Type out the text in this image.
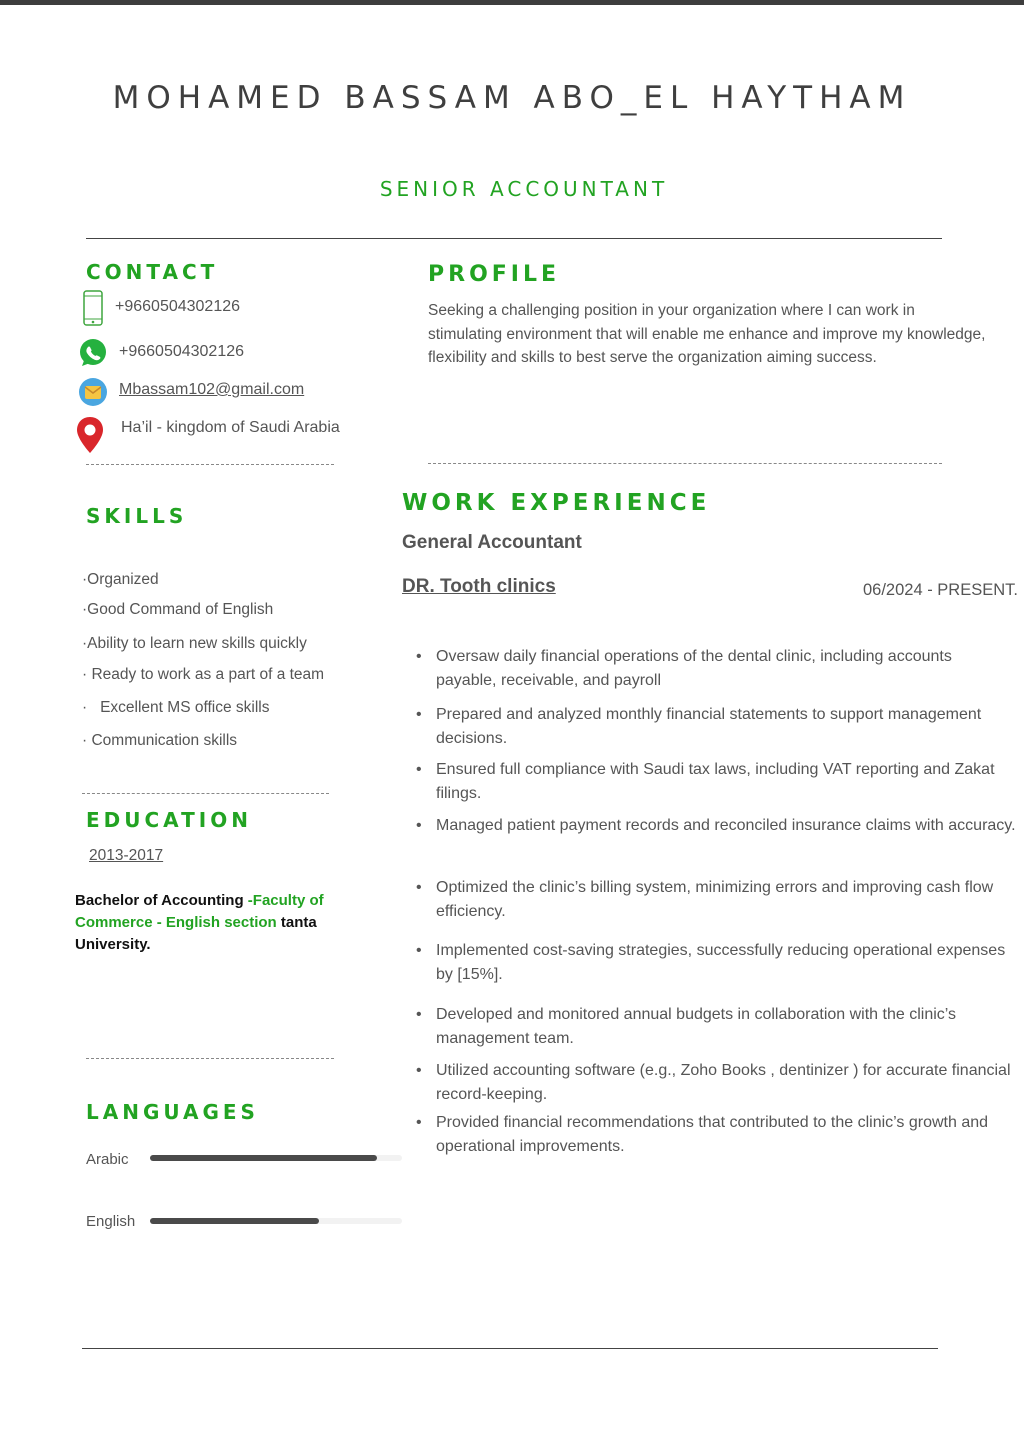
MOHAMED BASSAM ABO_EL HAYTHAM
SENIOR ACCOUNTANT
CONTACT
+9660504302126
+9660504302126
Mbassam102@gmail.com
Ha’il - kingdom of Saudi Arabia
PROFILE
Seeking a challenging position in your organization where I can work in stimulating environment that will enable me enhance and improve my knowledge, flexibility and skills to best serve the organization aiming success.
SKILLS
·Organized
·Good Command of English
·Ability to learn new skills quickly
· Ready to work as a part of a team
·   Excellent MS office skills
· Communication skills
EDUCATION
2013-2017
Bachelor of Accounting -Faculty of Commerce - English section tanta University.
LANGUAGES
Arabic
English
WORK EXPERIENCE
General Accountant
DR. Tooth clinics	06/2024 - PRESENT.
• Oversaw daily financial operations of the dental clinic, including accounts payable, receivable, and payroll
• Prepared and analyzed monthly financial statements to support management decisions.
• Ensured full compliance with Saudi tax laws, including VAT reporting and Zakat filings.
• Managed patient payment records and reconciled insurance claims with accuracy.
• Optimized the clinic’s billing system, minimizing errors and improving cash flow efficiency.
• Implemented cost-saving strategies, successfully reducing operational expenses by [15%].
• Developed and monitored annual budgets in collaboration with the clinic’s management team.
• Utilized accounting software (e.g., Zoho Books , dentinizer ) for accurate financial record-keeping.
• Provided financial recommendations that contributed to the clinic’s growth and operational improvements.
